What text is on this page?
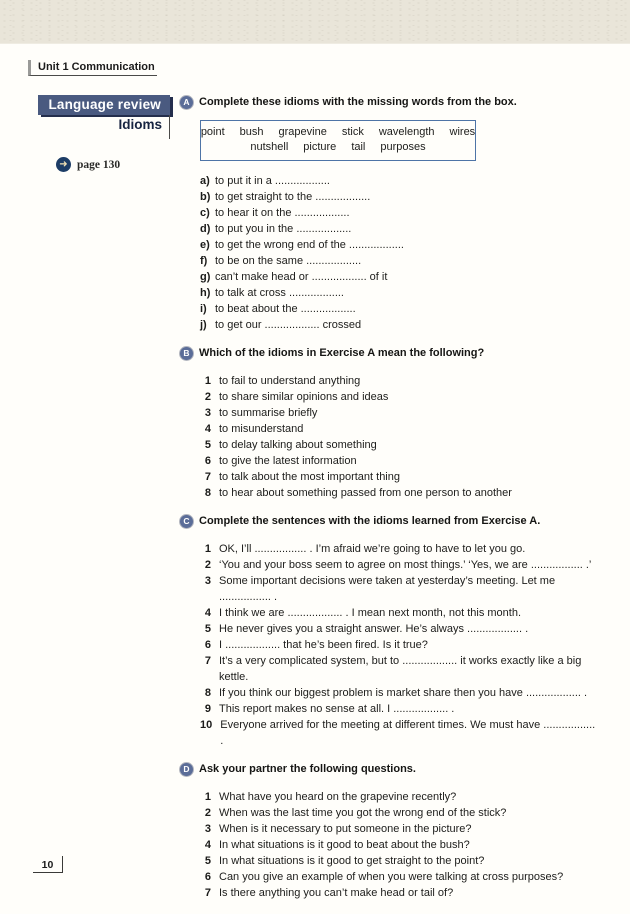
Unit 1 Communication
Language review
Idioms
➜ page 130
A Complete these idioms with the missing words from the box.
point bush grapevine stick wavelength wires
nutshell picture tail purposes
a) to put it in a ..................
b) to get straight to the ..................
c) to hear it on the ..................
d) to put you in the ..................
e) to get the wrong end of the ..................
f) to be on the same ..................
g) can’t make head or .................. of it
h) to talk at cross ..................
i) to beat about the ..................
j) to get our .................. crossed
B Which of the idioms in Exercise A mean the following?
1 to fail to understand anything
2 to share similar opinions and ideas
3 to summarise briefly
4 to misunderstand
5 to delay talking about something
6 to give the latest information
7 to talk about the most important thing
8 to hear about something passed from one person to another
C Complete the sentences with the idioms learned from Exercise A.
1 OK, I’ll ................. . I’m afraid we’re going to have to let you go.
2 ‘You and your boss seem to agree on most things.’ ‘Yes, we are ................. .’
3 Some important decisions were taken at yesterday’s meeting. Let me ................. .
4 I think we are .................. . I mean next month, not this month.
5 He never gives you a straight answer. He’s always .................. .
6 I .................. that he’s been fired. Is it true?
7 It’s a very complicated system, but to .................. it works exactly like a big kettle.
8 If you think our biggest problem is market share then you have .................. .
9 This report makes no sense at all. I .................. .
10 Everyone arrived for the meeting at different times. We must have ................. .
D Ask your partner the following questions.
1 What have you heard on the grapevine recently?
2 When was the last time you got the wrong end of the stick?
3 When is it necessary to put someone in the picture?
4 In what situations is it good to beat about the bush?
5 In what situations is it good to get straight to the point?
6 Can you give an example of when you were talking at cross purposes?
7 Is there anything you can’t make head or tail of?
10
